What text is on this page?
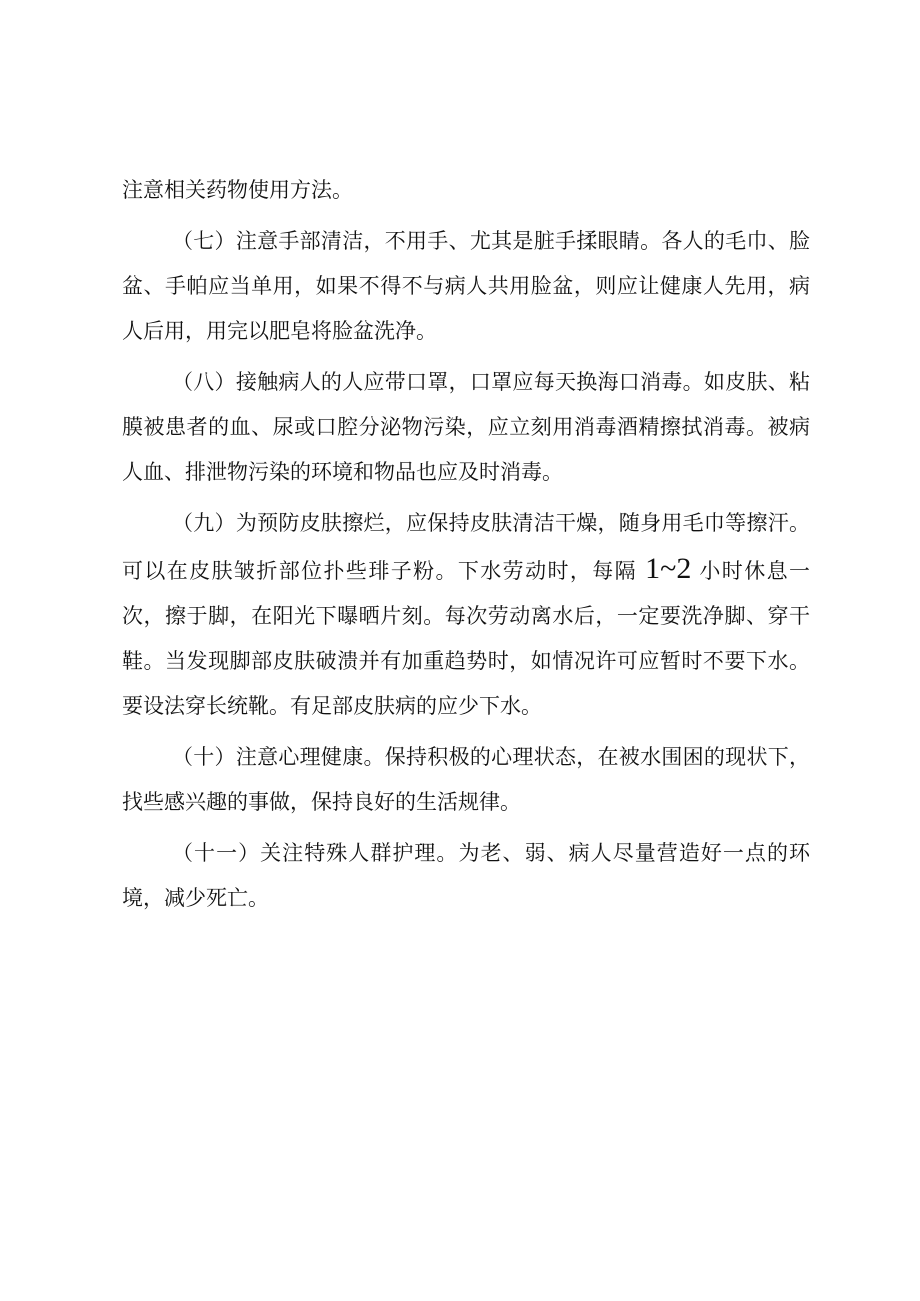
注意相关药物使用方法。

（七）注意手部清洁，不用手、尤其是脏手揉眼睛。各人的毛巾、脸盆、手帕应当单用，如果不得不与病人共用脸盆，则应让健康人先用，病人后用，用完以肥皂将脸盆洗净。

（八）接触病人的人应带口罩，口罩应每天换海口消毒。如皮肤、粘膜被患者的血、尿或口腔分泌物污染，应立刻用消毒酒精擦拭消毒。被病人血、排泄物污染的环境和物品也应及时消毒。

（九）为预防皮肤擦烂，应保持皮肤清洁干燥，随身用毛巾等擦汗。可以在皮肤皱折部位扑些琲子粉。下水劳动时，每隔 1~2 小时休息一次，擦于脚，在阳光下曝晒片刻。每次劳动离水后，一定要洗净脚、穿干鞋。当发现脚部皮肤破溃并有加重趋势时，如情况许可应暂时不要下水。要设法穿长统靴。有足部皮肤病的应少下水。

（十）注意心理健康。保持积极的心理状态，在被水围困的现状下，找些感兴趣的事做，保持良好的生活规律。

（十一）关注特殊人群护理。为老、弱、病人尽量营造好一点的环境，减少死亡。
